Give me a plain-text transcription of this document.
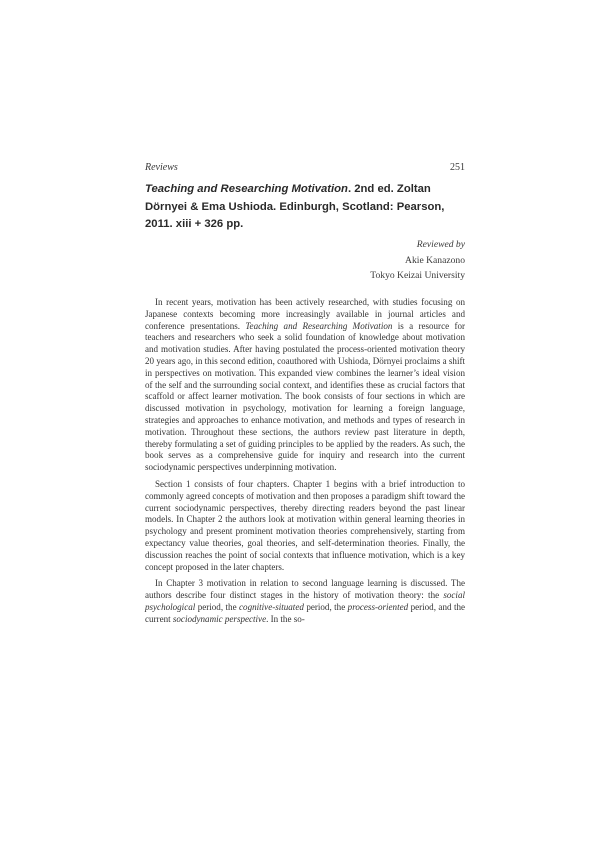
Reviews	251
Teaching and Researching Motivation. 2nd ed. Zoltan Dörnyei & Ema Ushioda. Edinburgh, Scotland: Pearson, 2011. xiii + 326 pp.
Reviewed by
Akie Kanazono
Tokyo Keizai University

In recent years, motivation has been actively researched, with studies focusing on Japanese contexts becoming more increasingly available in journal articles and conference presentations. Teaching and Researching Motivation is a resource for teachers and researchers who seek a solid foundation of knowledge about motivation and motivation studies. After having postulated the process-oriented motivation theory 20 years ago, in this second edition, coauthored with Ushioda, Dörnyei proclaims a shift in perspectives on motivation. This expanded view combines the learner’s ideal vision of the self and the surrounding social context, and identifies these as crucial factors that scaffold or affect learner motivation. The book consists of four sections in which are discussed motivation in psychology, motivation for learning a foreign language, strategies and approaches to enhance motivation, and methods and types of research in motivation. Throughout these sections, the authors review past literature in depth, thereby formulating a set of guiding principles to be applied by the readers. As such, the book serves as a comprehensive guide for inquiry and research into the current sociodynamic perspectives underpinning motivation.

Section 1 consists of four chapters. Chapter 1 begins with a brief introduction to commonly agreed concepts of motivation and then proposes a paradigm shift toward the current sociodynamic perspectives, thereby directing readers beyond the past linear models. In Chapter 2 the authors look at motivation within general learning theories in psychology and present prominent motivation theories comprehensively, starting from expectancy value theories, goal theories, and self-determination theories. Finally, the discussion reaches the point of social contexts that influence motivation, which is a key concept proposed in the later chapters.

In Chapter 3 motivation in relation to second language learning is discussed. The authors describe four distinct stages in the history of motivation theory: the social psychological period, the cognitive-situated period, the process-oriented period, and the current sociodynamic perspective. In the so-
